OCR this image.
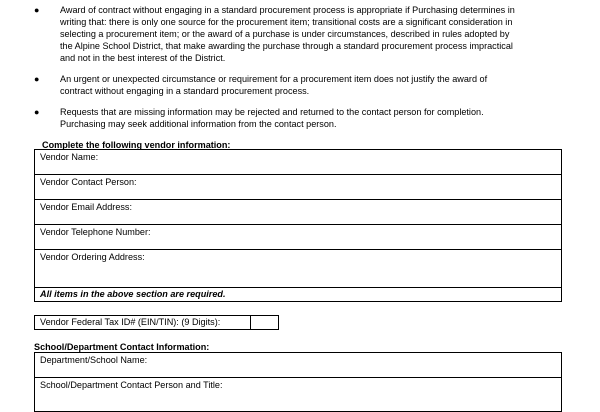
● Award of contract without engaging in a standard procurement process is appropriate if Purchasing determines in
writing that: there is only one source for the procurement item; transitional costs are a significant consideration in
selecting a procurement item; or the award of a purchase is under circumstances, described in rules adopted by
the Alpine School District, that make awarding the purchase through a standard procurement process impractical
and not in the best interest of the District.
● An urgent or unexpected circumstance or requirement for a procurement item does not justify the award of
contract without engaging in a standard procurement process.
● Requests that are missing information may be rejected and returned to the contact person for completion.
Purchasing may seek additional information from the contact person.
Complete the following vendor information:
Vendor Name:
Vendor Contact Person:
Vendor Email Address:
Vendor Telephone Number:
Vendor Ordering Address:
All items in the above section are required.
Vendor Federal Tax ID# (EIN/TIN): (9 Digits):
School/Department Contact Information:
Department/School Name:
School/Department Contact Person and Title:
